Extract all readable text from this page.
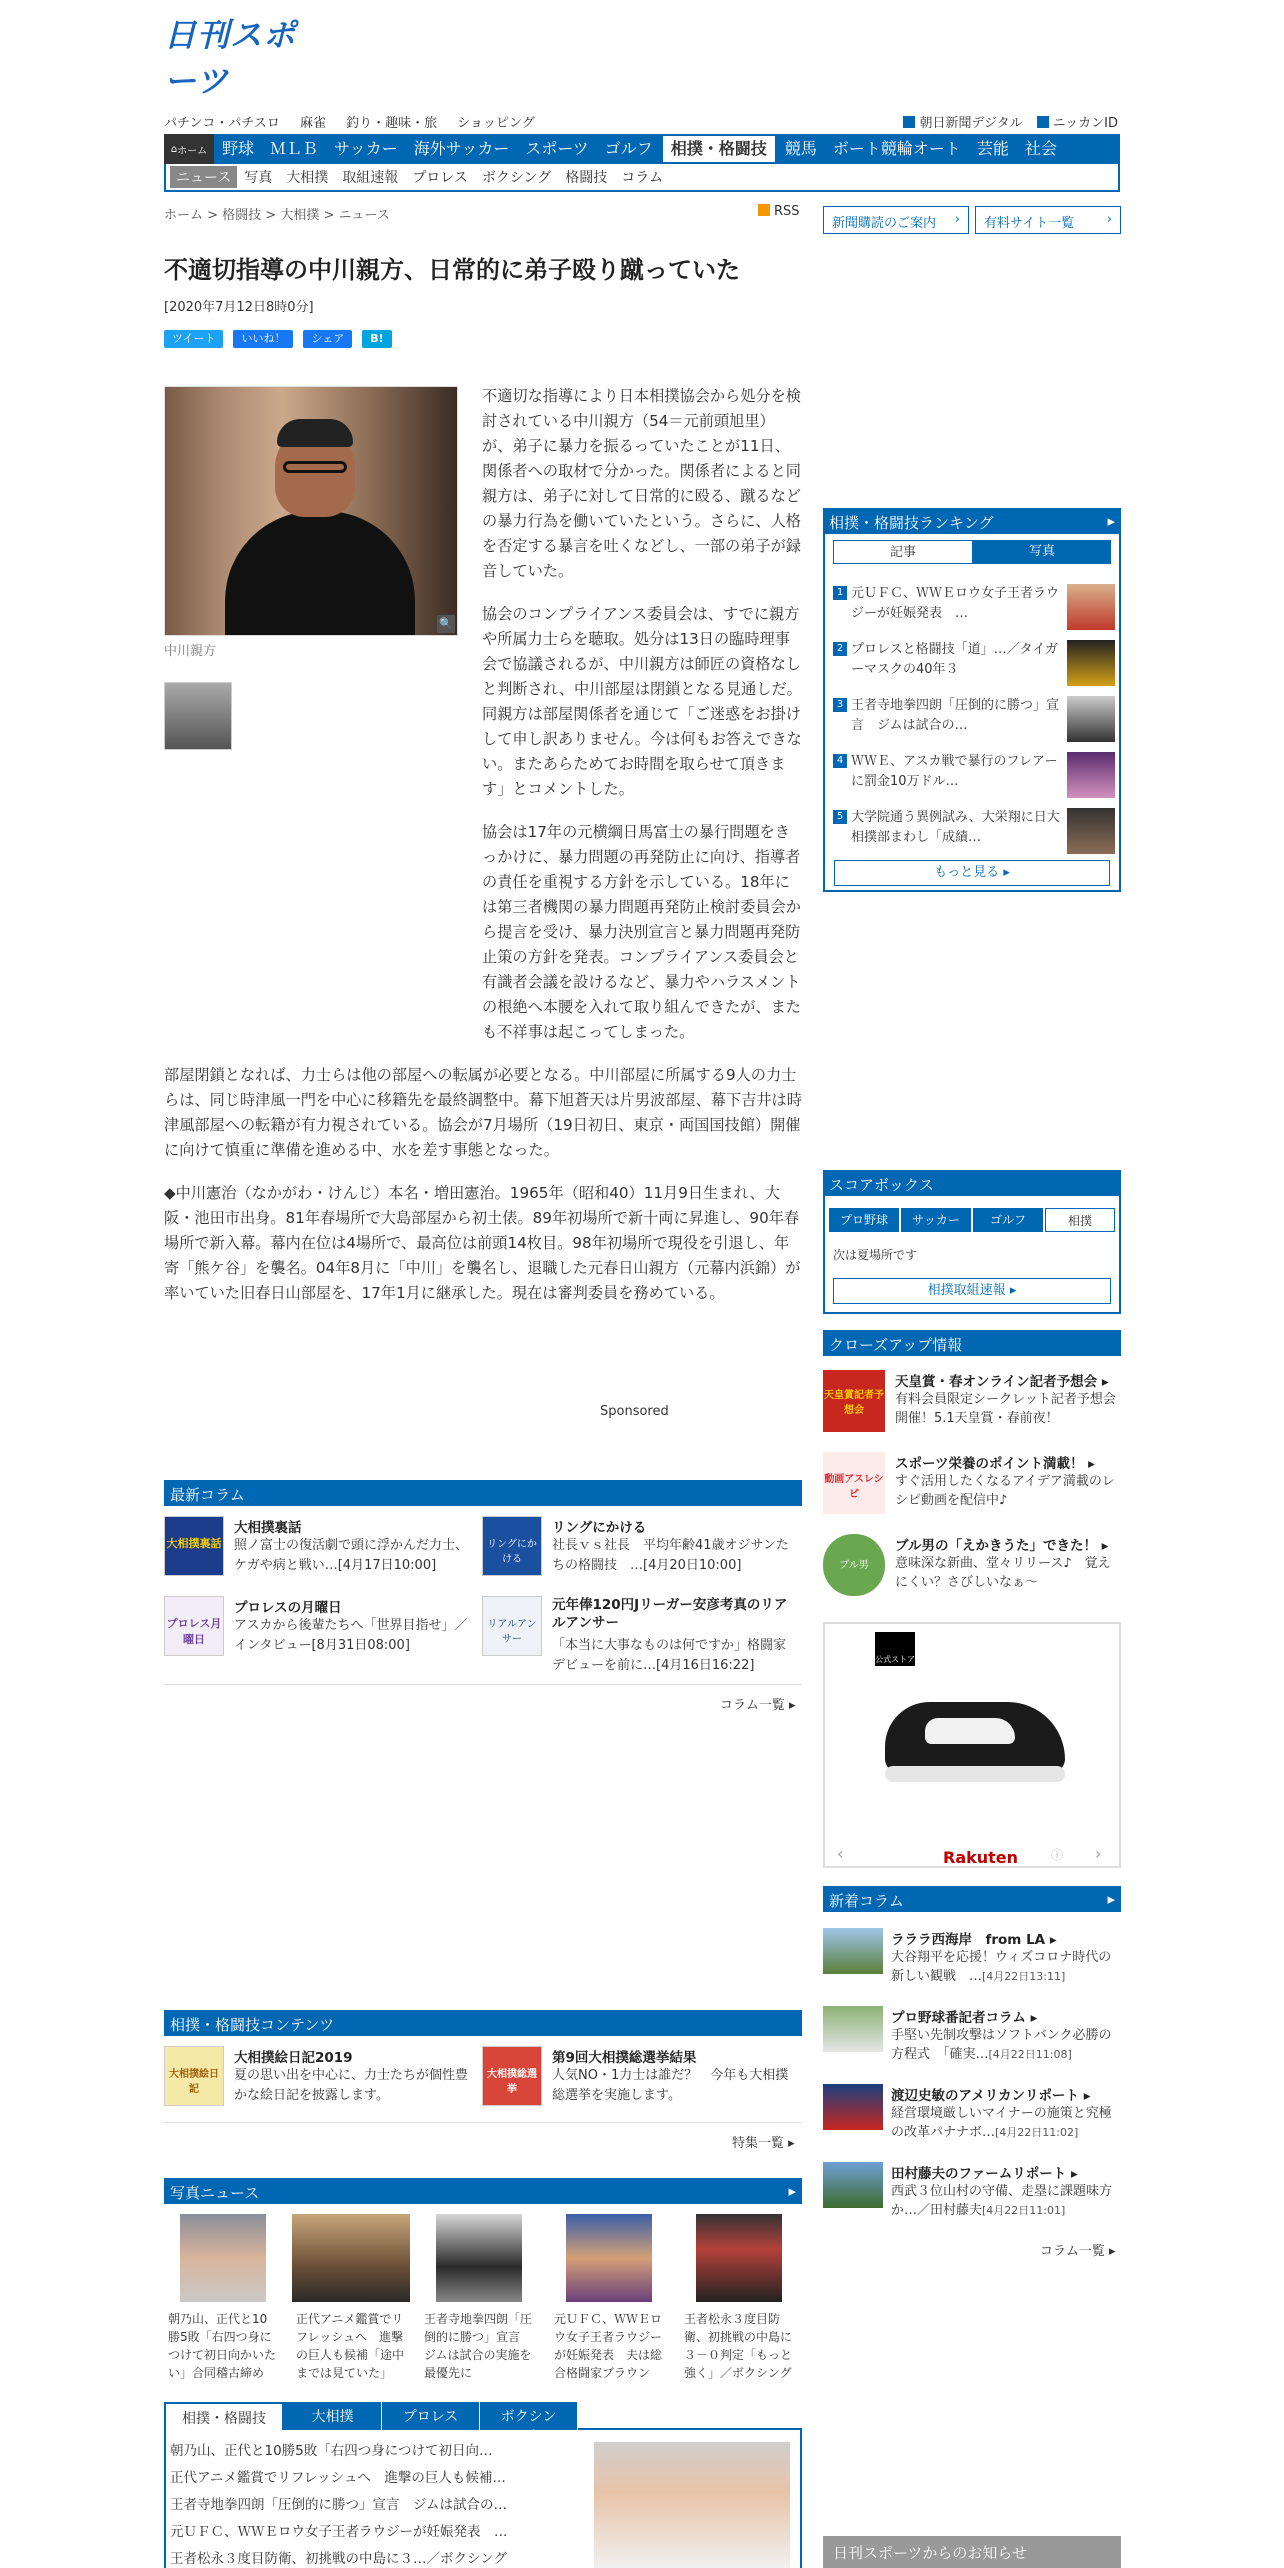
日刊スポーツ
パチンコ・パチスロ 麻雀 釣り・趣味・旅 ショッピング	朝日新聞デジタル	ニッカンID
⌂ ホーム 野球	ＭＬＢ	サッカー	海外サッカー	スポーツ	ゴルフ	相撲・格闘技	競馬	ボート競輪オート	芸能	社会
ニュース 写真	大相撲	取組速報	プロレス	ボクシング	格闘技	コラム
ホーム > 格闘技 > 大相撲 > ニュース	RSS
新聞購読のご案内 ›	有料サイト一覧	›
不適切指導の中川親方、日常的に弟子殴り蹴っていた
[2020年7月12日8時0分]
ツイート	いいね！	シェア	B!
🔍
中川親方

不適切な指導により日本相撲協会から処分を検討されている中川親方（54＝元前頭旭里）が、弟子に暴力を振るっていたことが11日、関係者への取材で分かった。関係者によると同親方は、弟子に対して日常的に殴る、蹴るなどの暴力行為を働いていたという。さらに、人格を否定する暴言を吐くなどし、一部の弟子が録音していた。

協会のコンプライアンス委員会は、すでに親方や所属力士らを聴取。処分は13日の臨時理事会で協議されるが、中川親方は師匠の資格なしと判断され、中川部屋は閉鎖となる見通しだ。同親方は部屋関係者を通じて「ご迷惑をお掛けして申し訳ありません。今は何もお答えできない。またあらためてお時間を取らせて頂きます」とコメントした。

協会は17年の元横綱日馬富士の暴行問題をきっかけに、暴力問題の再発防止に向け、指導者の責任を重視する方針を示している。18年には第三者機関の暴力問題再発防止検討委員会から提言を受け、暴力決別宣言と暴力問題再発防止策の方針を発表。コンプライアンス委員会と有識者会議を設けるなど、暴力やハラスメントの根絶へ本腰を入れて取り組んできたが、またも不祥事は起こってしまった。

部屋閉鎖となれば、力士らは他の部屋への転属が必要となる。中川部屋に所属する9人の力士らは、同じ時津風一門を中心に移籍先を最終調整中。幕下旭蒼天は片男波部屋、幕下吉井は時津風部屋への転籍が有力視されている。協会が7月場所（19日初日、東京・両国国技館）開催に向けて慎重に準備を進める中、水を差す事態となった。

◆中川憲治（なかがわ・けんじ）本名・増田憲治。1965年（昭和40）11月9日生まれ、大阪・池田市出身。81年春場所で大島部屋から初土俵。89年初場所で新十両に昇進し、90年春場所で新入幕。幕内在位は4場所で、最高位は前頭14枚目。98年初場所で現役を引退し、年寄「熊ケ谷」を襲名。04年8月に「中川」を襲名し、退職した元春日山親方（元幕内浜錦）が率いていた旧春日山部屋を、17年1月に継承した。現在は審判委員を務めている。

Sponsored
最新コラム
大相撲裏話
大相撲裏話
照ノ富士の復活劇で頭に浮かんだ力士、ケガや病と戦い…[4月17日10:00]
リングにかける
リングにかける
社長ｖｓ社長　平均年齢41歳オジサンたちの格闘技　…[4月20日10:00]
プロレス月曜日
プロレスの月曜日
アスカから後輩たちへ「世界目指せ」／インタビュー[8月31日08:00]
リアルアンサー
元年俸120円Jリーガー安彦考真のリアルアンサー
「本当に大事なものは何ですか」格闘家デビューを前に…[4月16日16:22]
コラム一覧 ▸
相撲・格闘技コンテンツ
大相撲絵日記
大相撲絵日記2019
夏の思い出を中心に、力士たちが個性豊かな絵日記を披露します。
大相撲総選挙
第9回大相撲総選挙結果
人気NO・1力士は誰だ？　今年も大相撲総選挙を実施します。
特集一覧 ▸
写真ニュース	▸
朝乃山、正代と10勝5敗「右四つ身につけて初日向かいたい」合同稽古締め
正代アニメ鑑賞でリフレッシュへ　進撃の巨人も候補「途中までは見ていた」
王者寺地拳四朗「圧倒的に勝つ」宣言　ジムは試合の実施を最優先に
元ＵＦＣ、ＷＷＥロウ女子王者ラウジーが妊娠発表　夫は総合格闘家ブラウン
王者松永３度目防衛、初挑戦の中島に３－０判定「もっと強く」／ボクシング
相撲・格闘技	大相撲	プロレス	ボクシング
朝乃山、正代と10勝5敗「右四つ身につけて初日向…
正代アニメ鑑賞でリフレッシュへ　進撃の巨人も候補…
王者寺地拳四朗「圧倒的に勝つ」宣言　ジムは試合の…
元ＵＦＣ、ＷＷＥロウ女子王者ラウジーが妊娠発表　…
王者松永３度目防衛、初挑戦の中島に３…／ボクシング
相撲・格闘技ランキング	▸
記事	写真
1 元ＵＦＣ、ＷＷＥロウ女子王者ラウジーが妊娠発表　…
2 プロレスと格闘技「道」…／タイガーマスクの40年３
3 王者寺地拳四朗「圧倒的に勝つ」宣言　ジムは試合の…
4 ＷＷＥ、アスカ戦で暴行のフレアーに罰金10万ドル…
5 大学院通う異例試み、大栄翔に日大相撲部まわし「成績…
もっと見る ▸
スコアボックス
プロ野球	サッカー	ゴルフ	相撲
次は夏場所です
相撲取組速報 ▸
クローズアップ情報
天皇賞記者予想会
天皇賞・春オンライン記者予想会 ▸
有料会員限定シークレット記者予想会開催！5.1天皇賞・春前夜！
動画アスレシピ
スポーツ栄養のポイント満載！ ▸
すぐ活用したくなるアイデア満載のレシピ動画を配信中♪
ブル男
ブル男の「えかきうた」できた！ ▸
意味深な新曲、堂々リリース♪　覚えにくい？さびしいなぁ～
公式ストア
‹	Rakuten	ⓘ ›
新着コラム	▸
ラララ西海岸　from LA ▸
大谷翔平を応援！ウィズコロナ時代の新しい観戦　…[4月22日13:11]
プロ野球番記者コラム ▸
手堅い先制攻撃はソフトバンク必勝の方程式　「確実…[4月22日11:08]
渡辺史敏のアメリカンリポート ▸
経営環境厳しいマイナーの施策と究極の改革パナナボ…[4月22日11:02]
田村藤夫のファームリポート ▸
西武３位山村の守備、走塁に課題味方か…／田村藤夫[4月22日11:01]
コラム一覧 ▸
日刊スポーツからのお知らせ
